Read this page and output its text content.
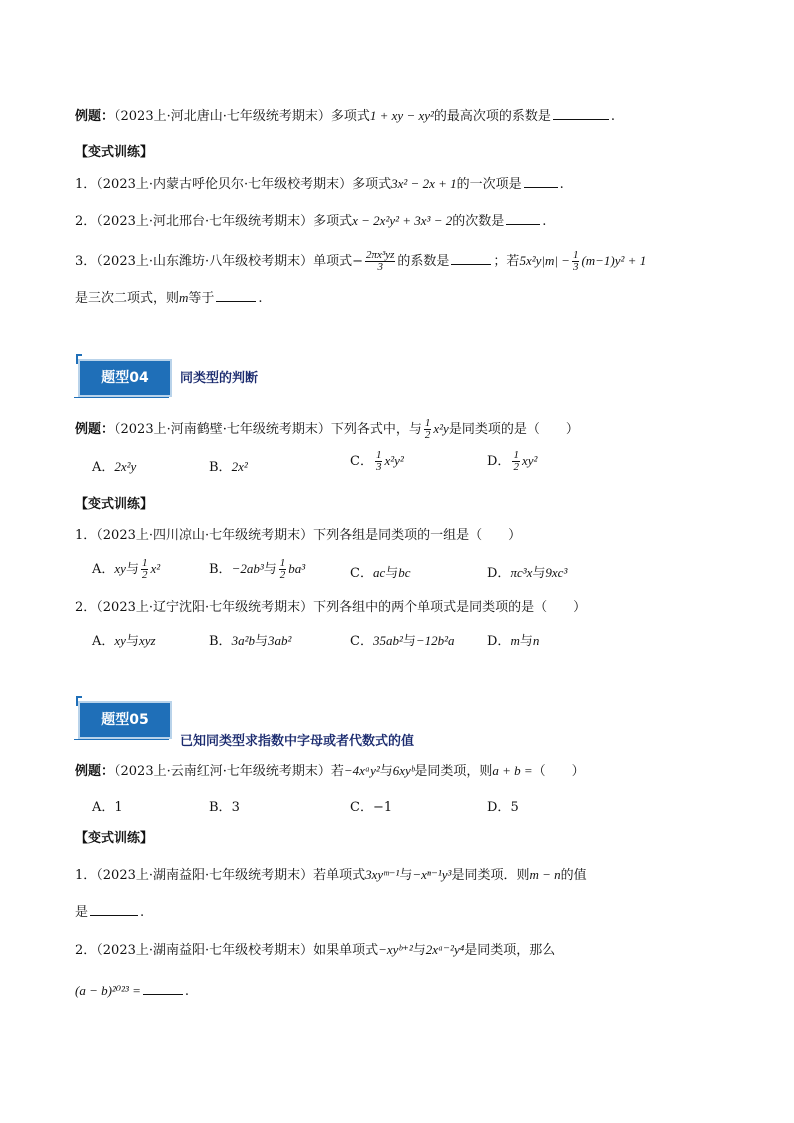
例题：（2023上·河北唐山·七年级统考期末）多项式1 + xy − xy²的最高次项的系数是	.
【变式训练】
1．（2023上·内蒙古呼伦贝尔·七年级校考期末）多项式3x² − 2x + 1的一次项是	.
2．（2023上·河北邢台·七年级统考期末）多项式x − 2x²y² + 3x³ − 2的次数是	.
3．（2023上·山东潍坊·八年级校考期末）单项式− $\frac{\text{2πx³yz}}{3}$ 的系数是	；若$5x^2y|m| - \frac{1}{3} (m-1)y^2 + 1$
是三次二项式，则m等于	.
题型04	同类型的判断
例题：（2023上·河南鹤壁·七年级统考期末）下列各式中，与 $\frac{1}{2} x^2y$是同类项的是（　　）
A．2x²y	B．2x²	C． $\frac{1}{3} x^2y^2$	D． $\frac{1}{2} xy^2$
【变式训练】
1．（2023上·四川凉山·七年级统考期末）下列各组是同类项的一组是（　　）
A．xy与 $\frac{1}{2} x^2$	B．−2ab³与 $\frac{1}{2} ba^3$	C．ac与bc	D．πc³x与9xc³
2．（2023上·辽宁沈阳·七年级统考期末）下列各组中的两个单项式是同类项的是（　　）
A．xy与xyz	B．3a²b与3ab²	C．35ab²与−12b²a D．m与n
题型05
已知同类型求指数中字母或者代数式的值
例题：（2023上·云南红河·七年级统考期末）若−4xᵃy²与6xyᵇ是同类项，则a + b =（　　）
A．1	B．3	C．−1	D．5
【变式训练】
1．（2023上·湖南益阳·七年级统考期末）若单项式3xyᵐ⁻¹与−xⁿ⁻¹y³是同类项．则m − n的值
是	.
2．（2023上·湖南益阳·七年级校考期末）如果单项式−xyᵇ⁺²与2xᵃ⁻²y⁴是同类项，那么
(a − b)²⁰²³ =	.
